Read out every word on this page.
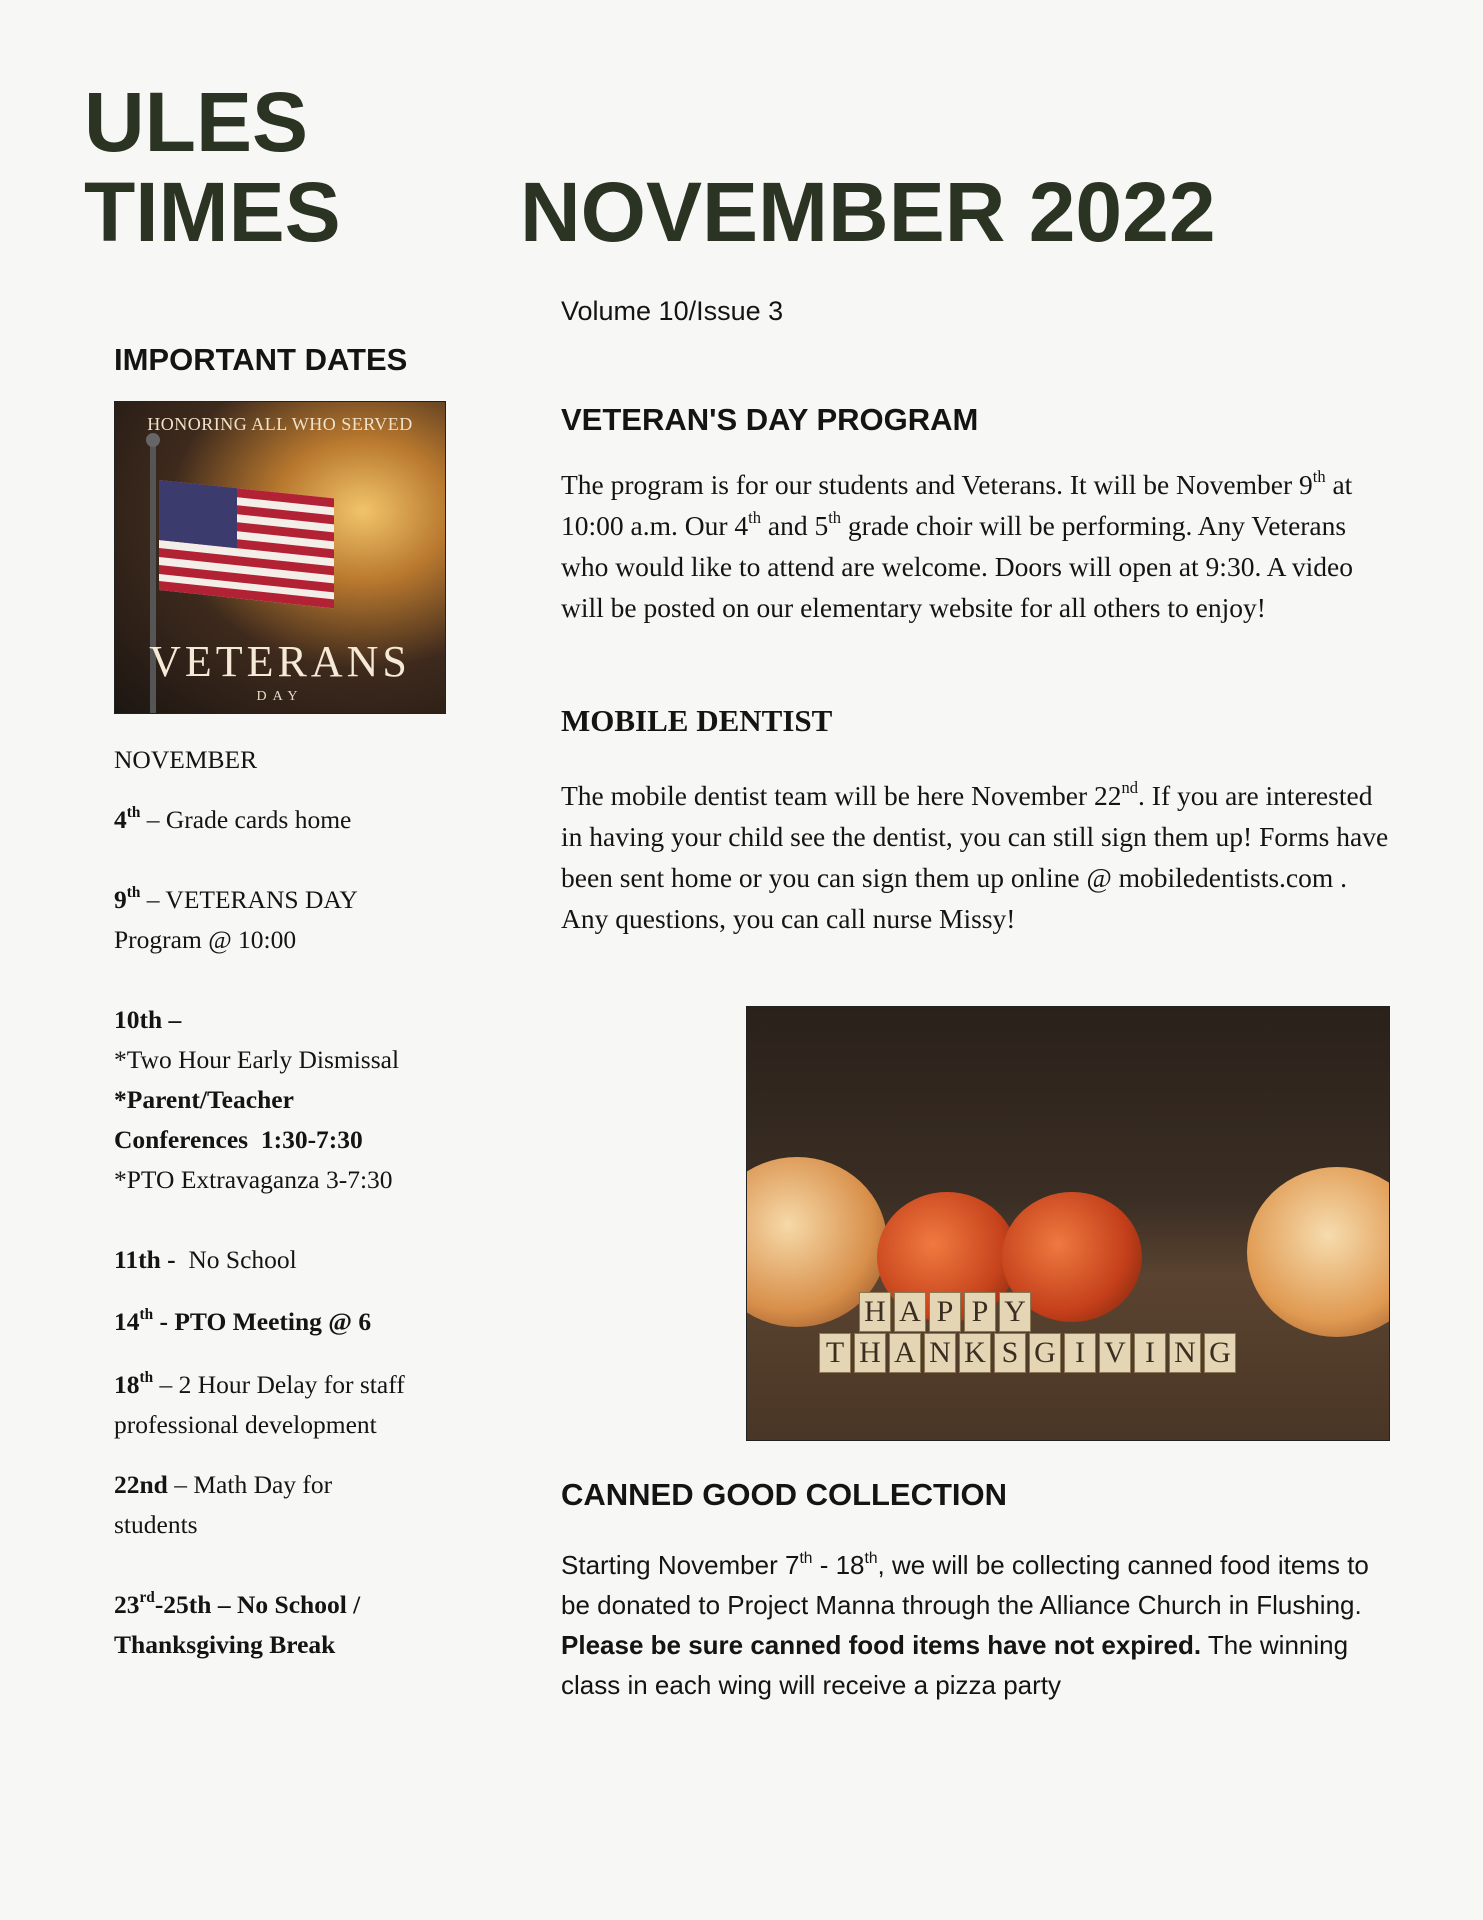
ULES
TIMES NOVEMBER 2022
Volume 10/Issue 3
IMPORTANT DATES
HONORING ALL WHO SERVED
VETERANS
DAY
NOVEMBER
4th – Grade cards home
9th – VETERANS DAY
Program @ 10:00
10th –
*Two Hour Early Dismissal
*Parent/Teacher
Conferences 1:30-7:30
*PTO Extravaganza 3-7:30
11th - No School
14th - PTO Meeting @ 6
18th – 2 Hour Delay for staff
professional development
22nd – Math Day for
students
23rd-25th – No School /
Thanksgiving Break
VETERAN'S DAY PROGRAM

The program is for our students and Veterans. It will be November 9th at 10:00 a.m. Our 4th and 5th grade choir will be performing. Any Veterans who would like to attend are welcome. Doors will open at 9:30. A video will be posted on our elementary website for all others to enjoy!

MOBILE DENTIST

The mobile dentist team will be here November 22nd. If you are interested in having your child see the dentist, you can still sign them up! Forms have been sent home or you can sign them up online @ mobiledentists.com . Any questions, you can call nurse Missy!

H A P P Y
T H A N K S G I V I N G
CANNED GOOD COLLECTION

Starting November 7th - 18th, we will be collecting canned food items to be donated to Project Manna through the Alliance Church in Flushing. Please be sure canned food items have not expired. The winning class in each wing will receive a pizza party
